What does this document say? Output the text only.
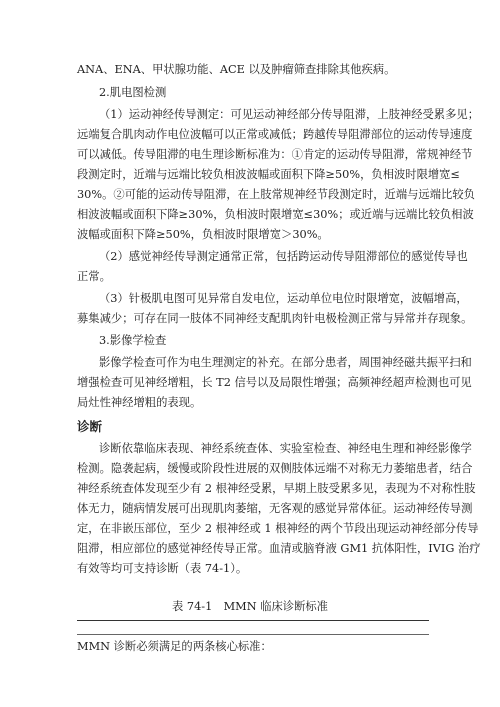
ANA、ENA、甲状腺功能、ACE 以及肿瘤筛查排除其他疾病。
2.肌电图检测
（1）运动神经传导测定：可见运动神经部分传导阻滞，上肢神经受累多见；
远端复合肌肉动作电位波幅可以正常或减低；跨越传导阻滞部位的运动传导速度
可以减低。传导阻滞的电生理诊断标准为：①肯定的运动传导阻滞，常规神经节
段测定时，近端与远端比较负相波波幅或面积下降≥50%，负相波时限增宽≤
30%。②可能的运动传导阻滞，在上肢常规神经节段测定时，近端与远端比较负
相波波幅或面积下降≥30%，负相波时限增宽≤30%；或近端与远端比较负相波
波幅或面积下降≥50%，负相波时限增宽＞30%。
（2）感觉神经传导测定通常正常，包括跨运动传导阻滞部位的感觉传导也
正常。
（3）针极肌电图可见异常自发电位，运动单位电位时限增宽，波幅增高，
募集减少；可存在同一肢体不同神经支配肌肉针电极检测正常与异常并存现象。
3.影像学检查
影像学检查可作为电生理测定的补充。在部分患者，周围神经磁共振平扫和
增强检查可见神经增粗，长 T2 信号以及局限性增强；高频神经超声检测也可见
局灶性神经增粗的表现。
诊断依靠临床表现、神经系统查体、实验室检查、神经电生理和神经影像学
检测。隐袭起病，缓慢或阶段性进展的双侧肢体远端不对称无力萎缩患者，结合
神经系统查体发现至少有 2 根神经受累，早期上肢受累多见，表现为不对称性肢
体无力，随病情发展可出现肌肉萎缩，无客观的感觉异常体征。运动神经传导测
定，在非嵌压部位，至少 2 根神经或 1 根神经的两个节段出现运动神经部分传导
阻滞，相应部位的感觉神经传导正常。血清或脑脊液 GM1 抗体阳性，IVIG 治疗
有效等均可支持诊断（表 74-1）。
MMN 诊断必须满足的两条核心标准：
诊断
表 74-1　MMN 临床诊断标准
